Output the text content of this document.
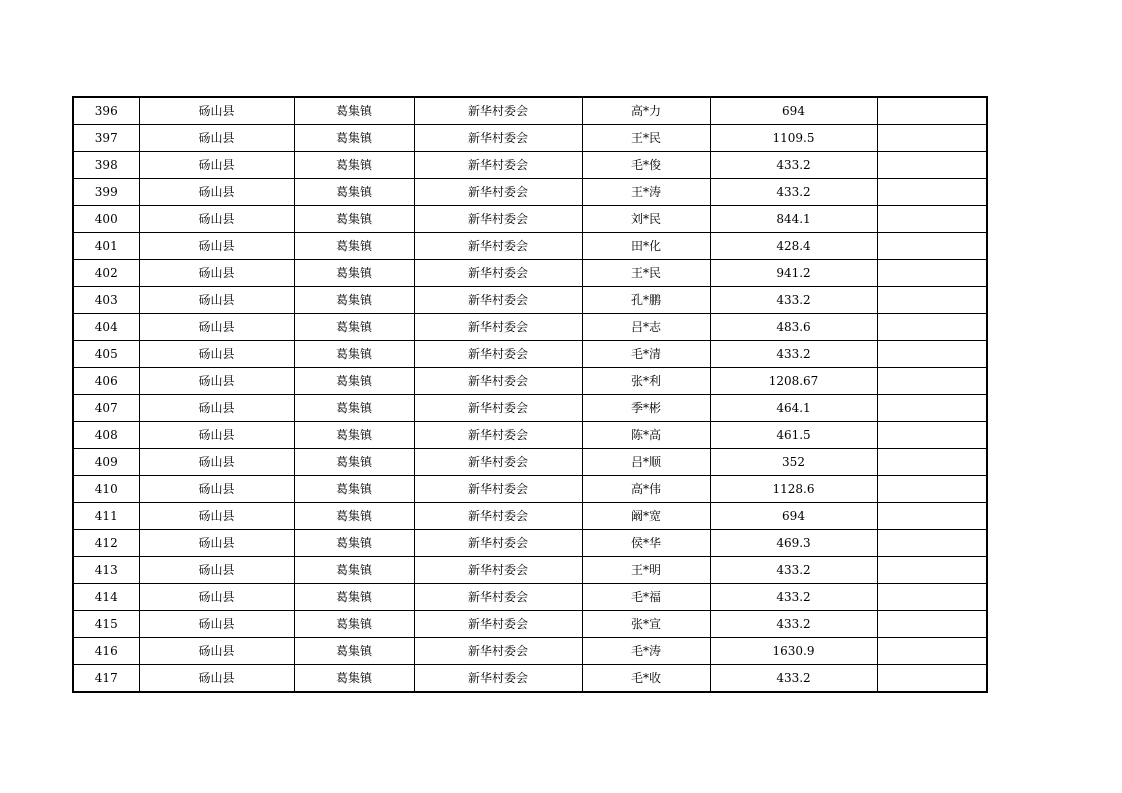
396	砀山县	葛集镇	新华村委会	高*力	694	
397	砀山县	葛集镇	新华村委会	王*民	1109.5	
398	砀山县	葛集镇	新华村委会	毛*俊	433.2	
399	砀山县	葛集镇	新华村委会	王*涛	433.2	
400	砀山县	葛集镇	新华村委会	刘*民	844.1	
401	砀山县	葛集镇	新华村委会	田*化	428.4	
402	砀山县	葛集镇	新华村委会	王*民	941.2	
403	砀山县	葛集镇	新华村委会	孔*鹏	433.2	
404	砀山县	葛集镇	新华村委会	吕*志	483.6	
405	砀山县	葛集镇	新华村委会	毛*清	433.2	
406	砀山县	葛集镇	新华村委会	张*利	1208.67	
407	砀山县	葛集镇	新华村委会	季*彬	464.1	
408	砀山县	葛集镇	新华村委会	陈*高	461.5	
409	砀山县	葛集镇	新华村委会	吕*顺	352	
410	砀山县	葛集镇	新华村委会	高*伟	1128.6	
411	砀山县	葛集镇	新华村委会	阚*宽	694	
412	砀山县	葛集镇	新华村委会	侯*华	469.3	
413	砀山县	葛集镇	新华村委会	王*明	433.2	
414	砀山县	葛集镇	新华村委会	毛*福	433.2	
415	砀山县	葛集镇	新华村委会	张*宣	433.2	
416	砀山县	葛集镇	新华村委会	毛*涛	1630.9	
417	砀山县	葛集镇	新华村委会	毛*收	433.2	
